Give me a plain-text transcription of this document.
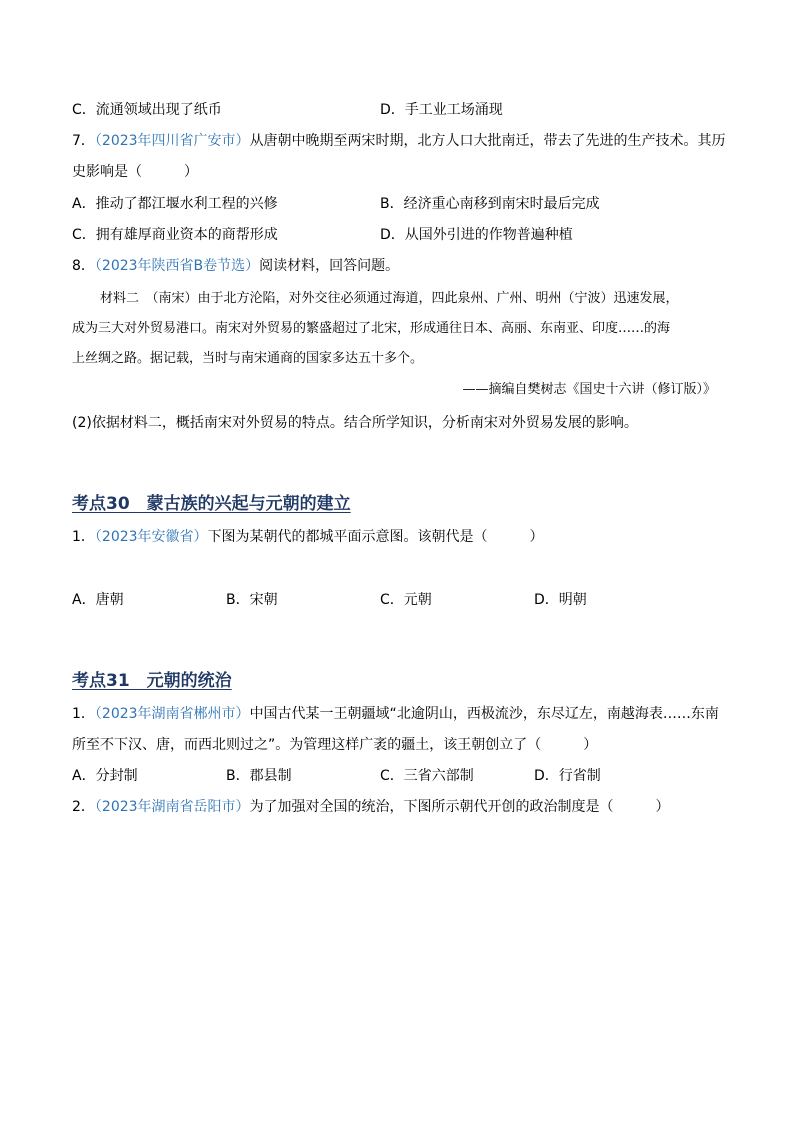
C．流通领域出现了纸币	D．手工业工场涌现
7．（2023年四川省广安市）从唐朝中晚期至两宋时期，北方人口大批南迁，带去了先进的生产技术。其历
史影响是（　　　）
A．推动了都江堰水利工程的兴修	B．经济重心南移到南宋时最后完成
C．拥有雄厚商业资本的商帮形成	D．从国外引进的作物普遍种植
8．（2023年陕西省B卷节选）阅读材料，回答问题。
材料二　（南宋）由于北方沦陷，对外交往必须通过海道，四此泉州、广州、明州（宁波）迅速发展，
成为三大对外贸易港口。南宋对外贸易的繁盛超过了北宋，形成通往日本、高丽、东南亚、印度……的海
上丝绸之路。据记载，当时与南宋通商的国家多达五十多个。
——摘编自樊树志《国史十六讲（修订版）》
(2)依据材料二，概括南宋对外贸易的特点。结合所学知识，分析南宋对外贸易发展的影响。
考点30　蒙古族的兴起与元朝的建立
1．（2023年安徽省）下图为某朝代的都城平面示意图。该朝代是（　　　）
A．唐朝	B．宋朝	C．元朝	D．明朝
考点31　元朝的统治
1．（2023年湖南省郴州市）中国古代某一王朝疆域“北逾阴山，西极流沙，东尽辽左，南越海表……东南
所至不下汉、唐，而西北则过之”。为管理这样广袤的疆土，该王朝创立了（　　　）
A．分封制	B．郡县制	C．三省六部制	D．行省制
2．（2023年湖南省岳阳市）为了加强对全国的统治，下图所示朝代开创的政治制度是（　　　）
